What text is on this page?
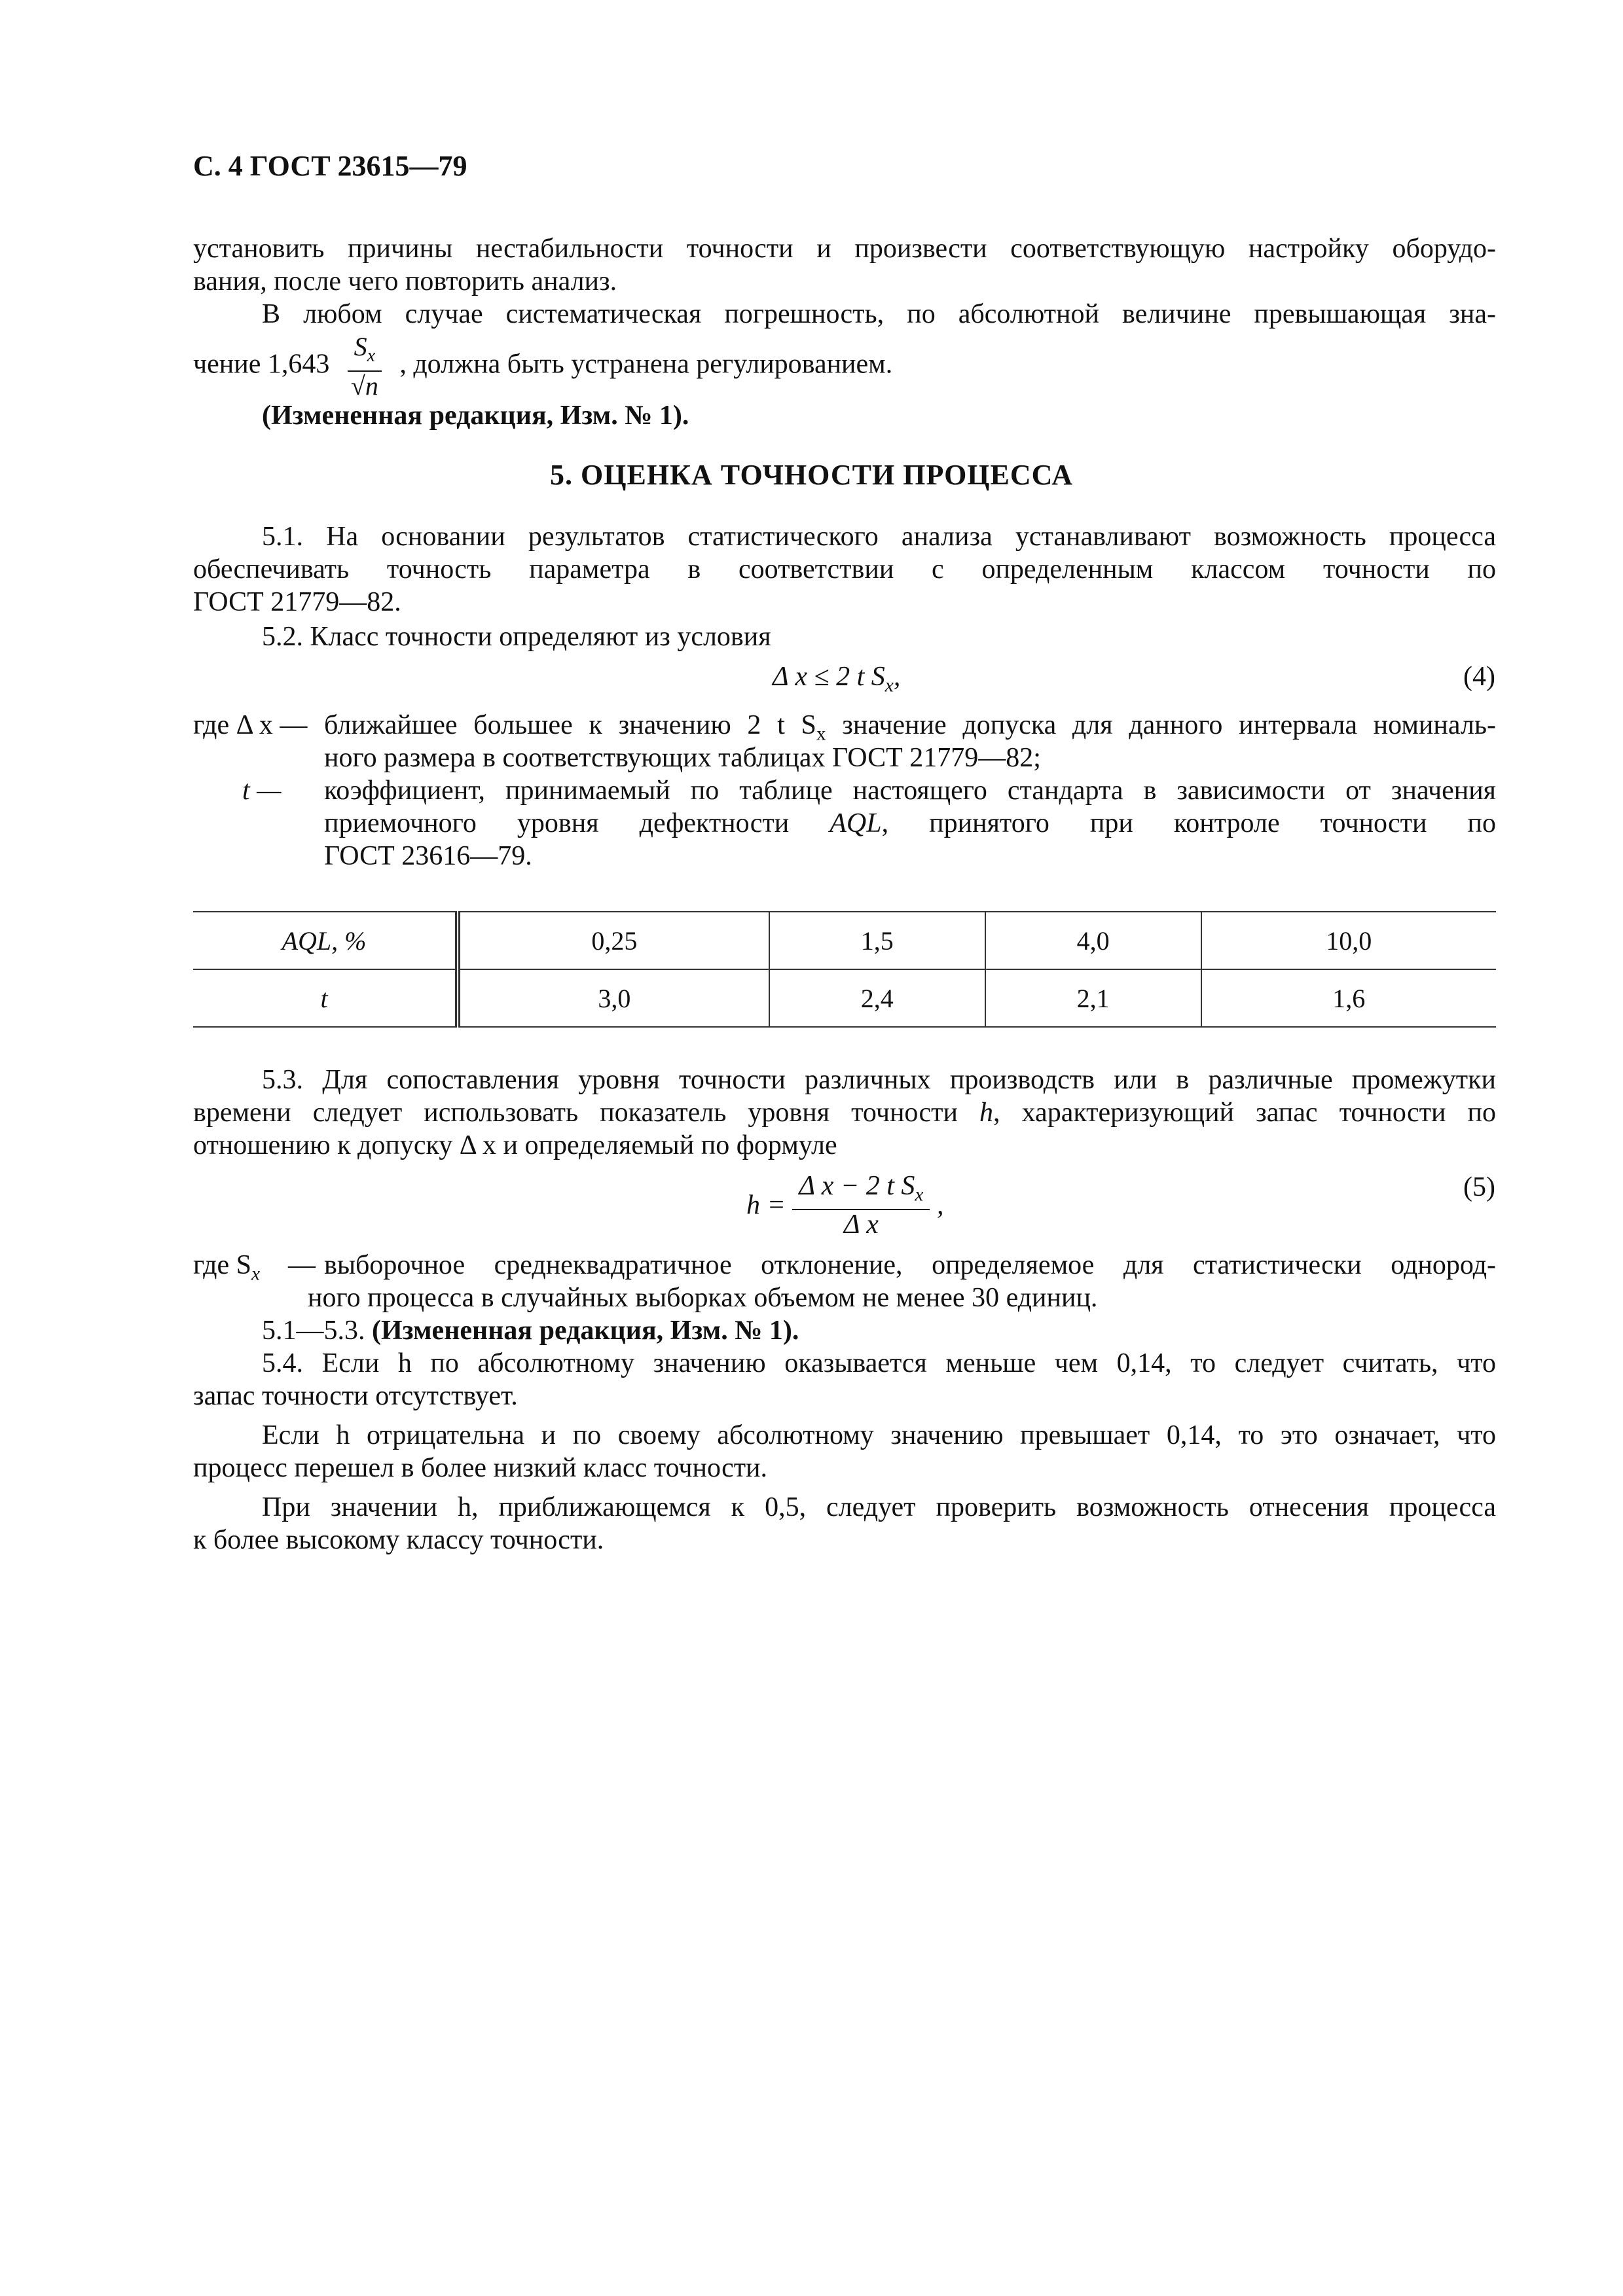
С. 4 ГОСТ 23615—79
установить причины нестабильности точности и произвести соответствующую настройку оборудо-
вания, после чего повторить анализ.
В любом случае систематическая погрешность, по абсолютной величине превышающая зна-
чение $1,643 \frac{S_x}{√n}$ , должна быть устранена регулированием.
(Измененная редакция, Изм. № 1).
5. ОЦЕНКА ТОЧНОСТИ ПРОЦЕССА
5.1. На основании результатов статистического анализа устанавливают возможность процесса
обеспечивать точность параметра в соответствии с определенным классом точности по
ГОСТ 21779—82.
5.2. Класс точности определяют из условия
Δ x ≤ 2 t $S_x$,	(4)
где Δ x — ближайшее большее к значению 2 t $S_x$ значение допуска для данного интервала номиналь-
ного размера в соответствующих таблицах ГОСТ 21779—82;
t — коэффициент, принимаемый по таблице настоящего стандарта в зависимости от значения
приемочного уровня дефектности AQL, принятого при контроле точности по
ГОСТ 23616—79.
AQL, %	0,25	1,5	4,0	10,0
t	3,0	2,4	2,1	1,6
5.3. Для сопоставления уровня точности различных производств или в различные промежутки
времени следует использовать показатель уровня точности h, характеризующий запас точности по
отношению к допуску Δ x и определяемый по формуле
$h = \frac{\Delta x - 2 t S_x}{\text{Δ x}}$ ,
(5)
где $S_x$ — выборочное среднеквадратичное отклонение, определяемое для статистически однород-
ного процесса в случайных выборках объемом не менее 30 единиц.
5.1—5.3. (Измененная редакция, Изм. № 1).
5.4. Если h по абсолютному значению оказывается меньше чем 0,14, то следует считать, что
запас точности отсутствует.
Если h отрицательна и по своему абсолютному значению превышает 0,14, то это означает, что
процесс перешел в более низкий класс точности.
При значении h, приближающемся к 0,5, следует проверить возможность отнесения процесса
к более высокому классу точности.
